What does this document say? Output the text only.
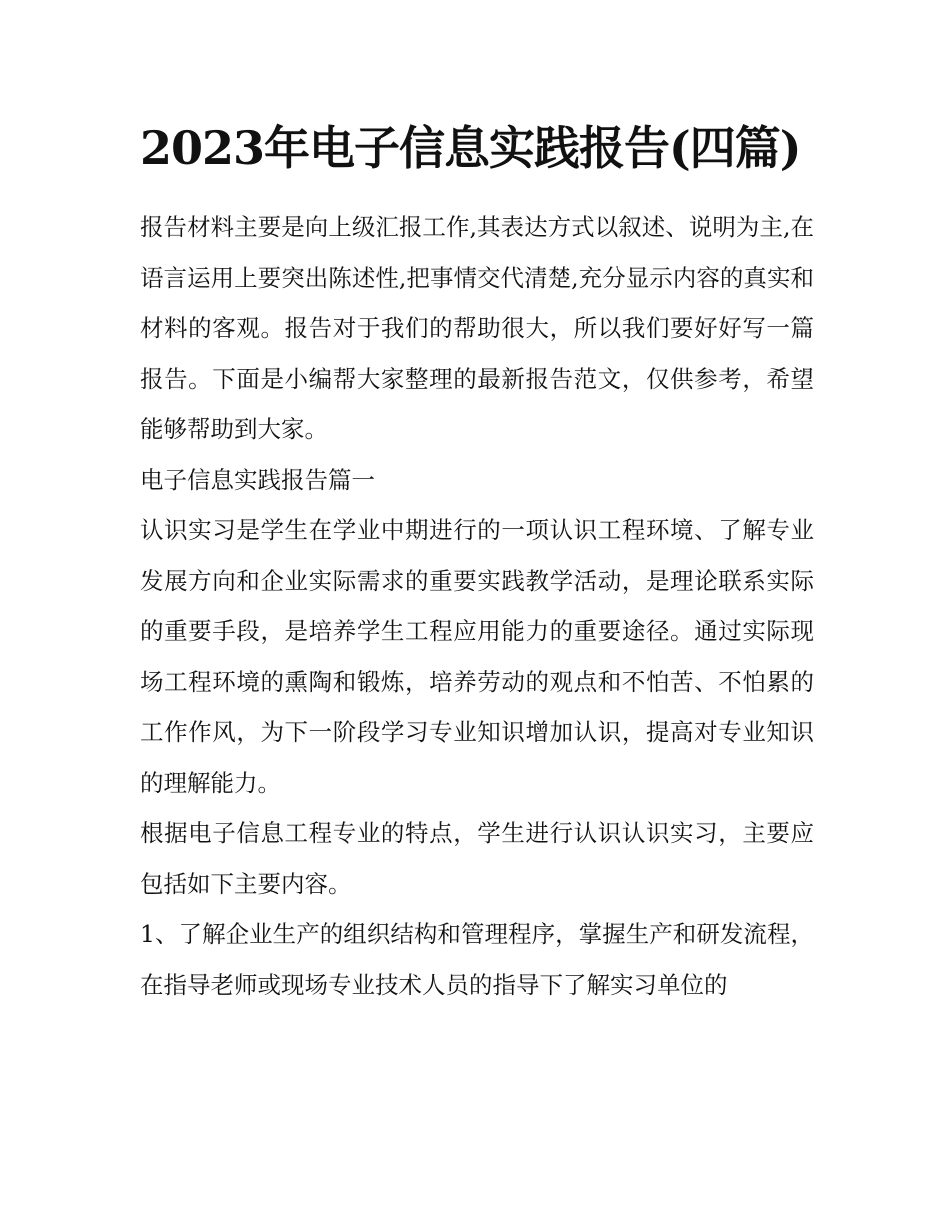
2023年电子信息实践报告(四篇)

报告材料主要是向上级汇报工作,其表达方式以叙述、说明为主,在语言运用上要突出陈述性,把事情交代清楚,充分显示内容的真实和材料的客观。报告对于我们的帮助很大，所以我们要好好写一篇报告。下面是小编帮大家整理的最新报告范文，仅供参考，希望能够帮助到大家。

电子信息实践报告篇一

认识实习是学生在学业中期进行的一项认识工程环境、了解专业发展方向和企业实际需求的重要实践教学活动，是理论联系实际的重要手段，是培养学生工程应用能力的重要途径。通过实际现场工程环境的熏陶和锻炼，培养劳动的观点和不怕苦、不怕累的工作作风，为下一阶段学习专业知识增加认识，提高对专业知识的理解能力。

根据电子信息工程专业的特点，学生进行认识认识实习，主要应包括如下主要内容。

1、了解企业生产的组织结构和管理程序，掌握生产和研发流程，在指导老师或现场专业技术人员的指导下了解实习单位的
